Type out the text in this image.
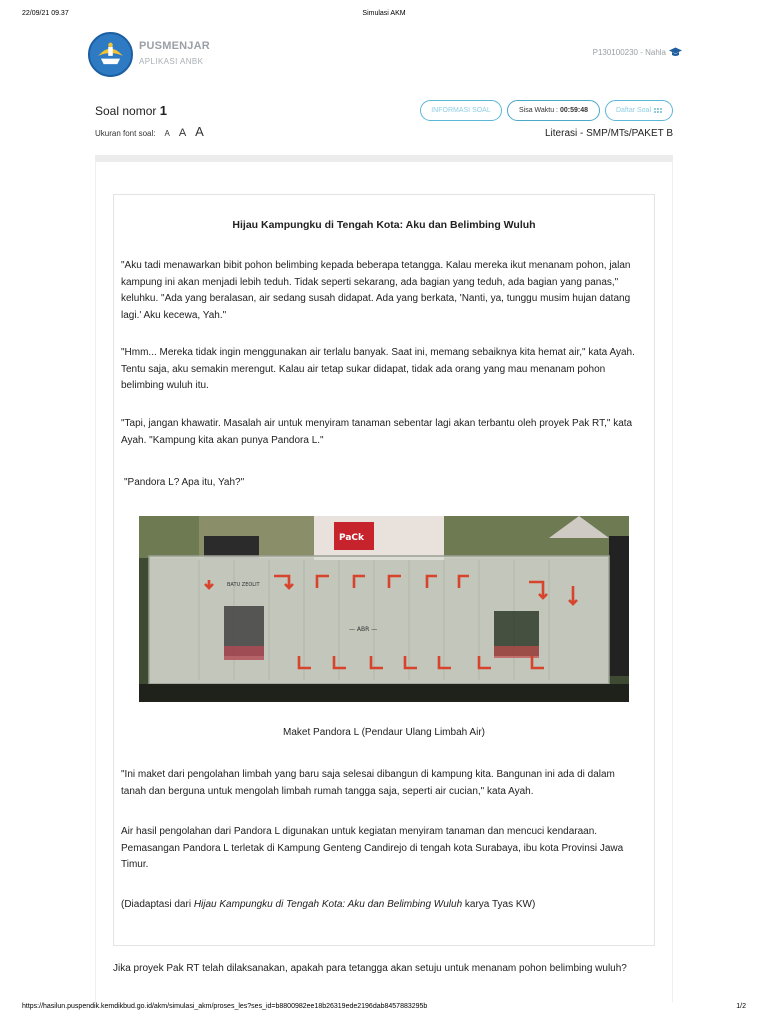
22/09/21 09.37	Simulasi AKM
PUSMENJAR
APLIKASI ANBK
P130100230 - Nahla
Soal nomor 1
Ukuran font soal: A A A
INFORMASI SOAL	Sisa Waktu : 00:59:48	Daftar Soal
Literasi - SMP/MTs/PAKET B
Hijau Kampungku di Tengah Kota: Aku dan Belimbing Wuluh
"Aku tadi menawarkan bibit pohon belimbing kepada beberapa tetangga. Kalau mereka ikut menanam pohon, jalan kampung ini akan menjadi lebih teduh. Tidak seperti sekarang, ada bagian yang teduh, ada bagian yang panas," keluhku. "Ada yang beralasan, air sedang susah didapat. Ada yang berkata, 'Nanti, ya, tunggu musim hujan datang lagi.' Aku kecewa, Yah."
"Hmm... Mereka tidak ingin menggunakan air terlalu banyak. Saat ini, memang sebaiknya kita hemat air," kata Ayah. Tentu saja, aku semakin merengut. Kalau air tetap sukar didapat, tidak ada orang yang mau menanam pohon belimbing wuluh itu.
"Tapi, jangan khawatir. Masalah air untuk menyiram tanaman sebentar lagi akan terbantu oleh proyek Pak RT," kata Ayah. "Kampung kita akan punya Pandora L."
"Pandora L? Apa itu, Yah?"
PaCk
BATU ZEOLIT
— ABR —
Maket Pandora L (Pendaur Ulang Limbah Air)
"Ini maket dari pengolahan limbah yang baru saja selesai dibangun di kampung kita. Bangunan ini ada di dalam tanah dan berguna untuk mengolah limbah rumah tangga saja, seperti air cucian," kata Ayah.
Air hasil pengolahan dari Pandora L digunakan untuk kegiatan menyiram tanaman dan mencuci kendaraan. Pemasangan Pandora L terletak di Kampung Genteng Candirejo di tengah kota Surabaya, ibu kota Provinsi Jawa Timur.
(Diadaptasi dari Hijau Kampungku di Tengah Kota: Aku dan Belimbing Wuluh karya Tyas KW)
Jika proyek Pak RT telah dilaksanakan, apakah para tetangga akan setuju untuk menanam pohon belimbing wuluh?
https://hasilun.puspendik.kemdikbud.go.id/akm/simulasi_akm/proses_les?ses_id=b8800982ee18b26319ede2196dab8457883295b	1/2
